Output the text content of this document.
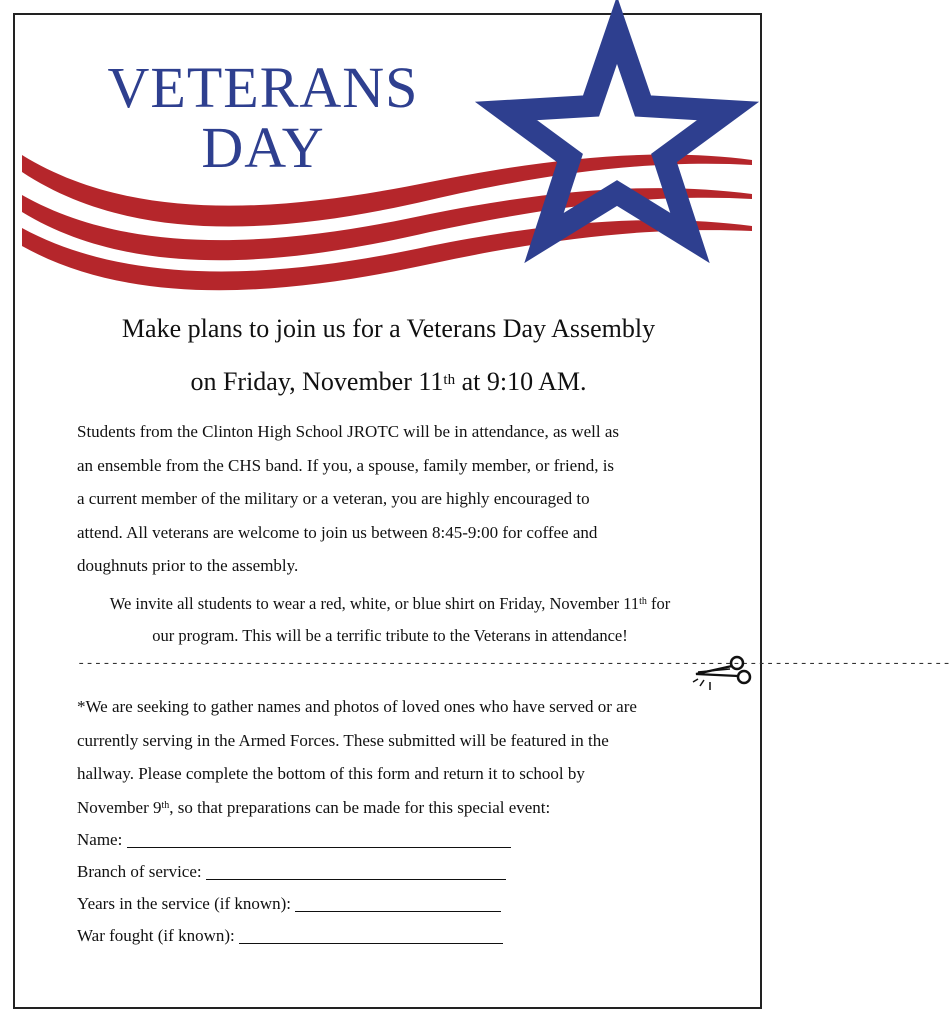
VETERANS
DAY
Make plans to join us for a Veterans Day Assembly
on Friday, November 11th at 9:10 AM.
Students from the Clinton High School JROTC will be in attendance, as well as
an ensemble from the CHS band. If you, a spouse, family member, or friend, is
a current member of the military or a veteran, you are highly encouraged to
attend. All veterans are welcome to join us between 8:45-9:00 for coffee and
doughnuts prior to the assembly.
We invite all students to wear a red, white, or blue shirt on Friday, November 11th for
our program. This will be a terrific tribute to the Veterans in attendance!
--------------------------------------------------------------------------------------------------------
*We are seeking to gather names and photos of loved ones who have served or are
currently serving in the Armed Forces. These submitted will be featured in the
hallway. Please complete the bottom of this form and return it to school by
November 9th, so that preparations can be made for this special event:
Name:
Branch of service:
Years in the service (if known):
War fought (if known):
